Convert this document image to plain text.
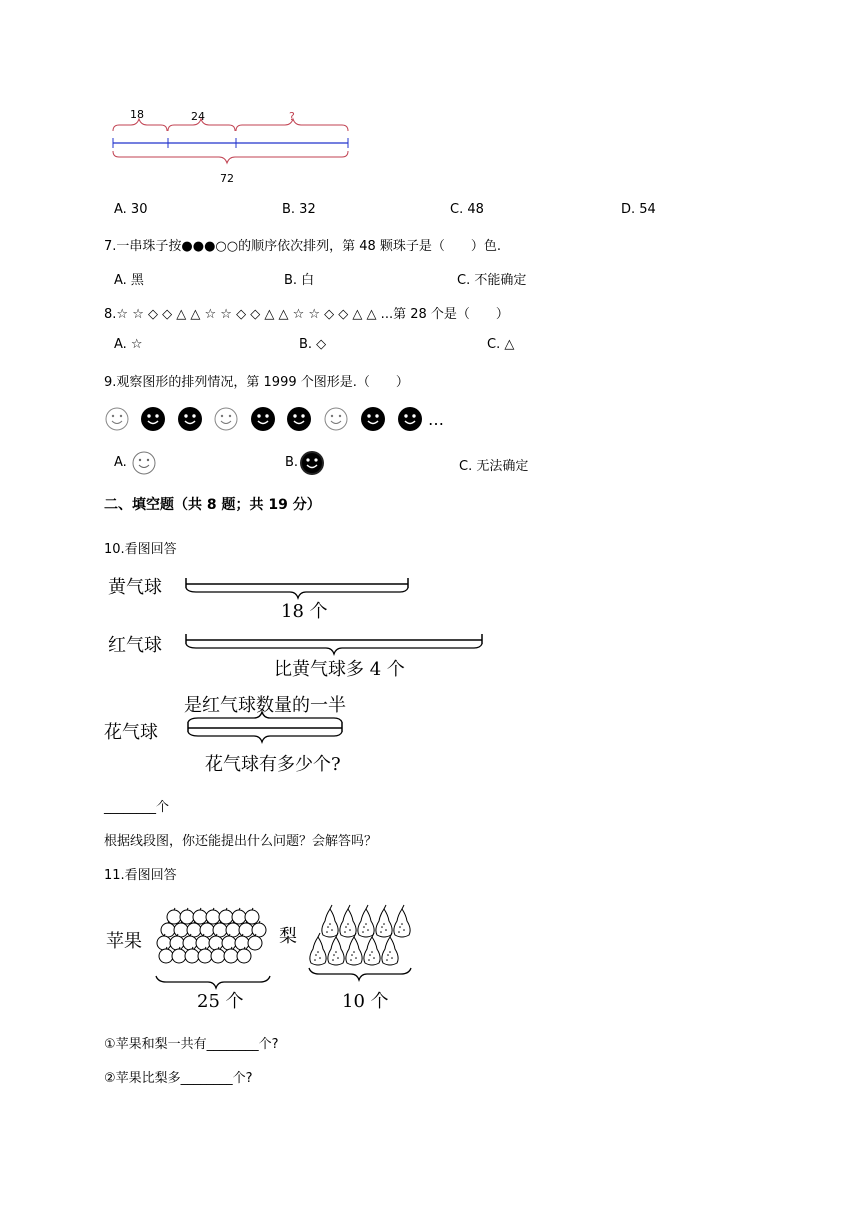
18	24	?
72
A. 30	B. 32	C. 48	D. 54
7.一串珠子按●●●○○的顺序依次排列，第 48 颗珠子是（　　）色.
A. 黑	B. 白	C. 不能确定
8.☆ ☆ ◇ ◇ △ △ ☆ ☆ ◇ ◇ △ △ ☆ ☆ ◇ ◇ △ △ ...第 28 个是（　　）
A. ☆	B. ◇	C. △
9.观察图形的排列情况，第 1999 个图形是.（　　）
…
A.	B.	C. 无法确定
二、填空题（共 8 题；共 19 分）
10.看图回答
黄气球
18 个
红气球
比黄气球多 4 个
是红气球数量的一半
花气球
花气球有多少个?
________个
根据线段图，你还能提出什么问题？会解答吗？
11.看图回答
苹果
25 个
梨
10 个
①苹果和梨一共有________个?
②苹果比梨多________个?
